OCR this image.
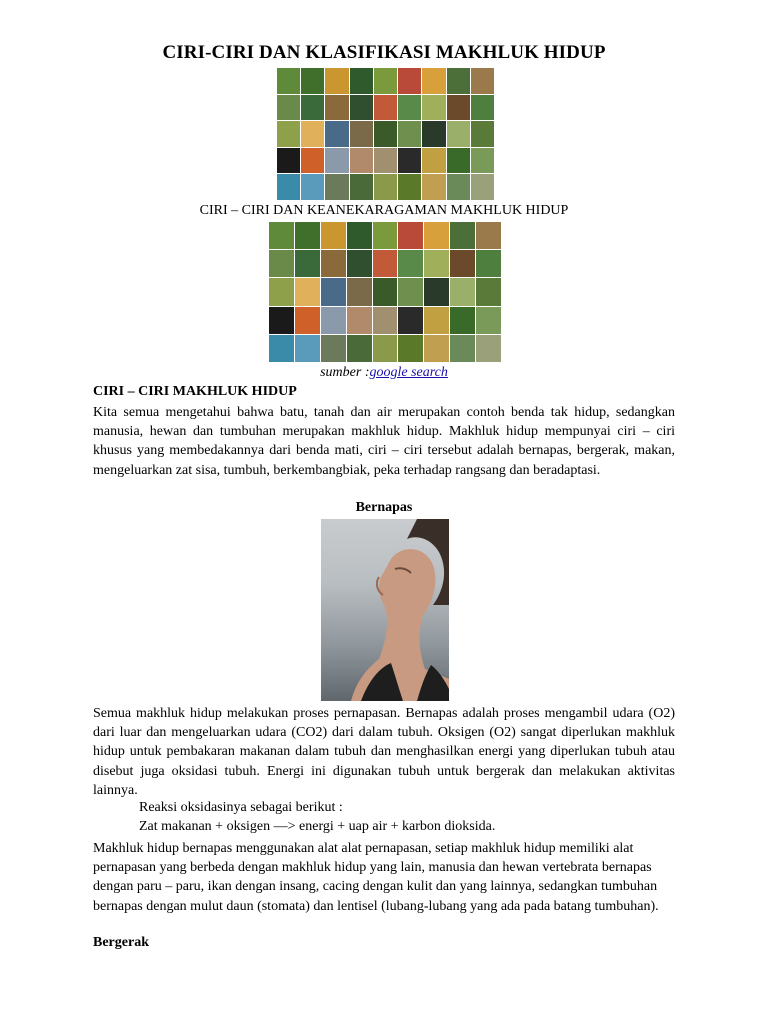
CIRI-CIRI DAN KLASIFIKASI MAKHLUK HIDUP
CIRI – CIRI DAN KEANEKARAGAMAN MAKHLUK HIDUP
sumber :google search
CIRI – CIRI MAKHLUK HIDUP
Kita semua mengetahui bahwa batu, tanah dan air merupakan contoh benda tak hidup, sedangkan manusia, hewan dan tumbuhan merupakan makhluk hidup. Makhluk hidup mempunyai ciri – ciri khusus yang membedakannya dari benda mati, ciri – ciri tersebut adalah bernapas, bergerak, makan, mengeluarkan zat sisa, tumbuh, berkembangbiak, peka terhadap rangsang dan beradaptasi.
Bernapas
Semua makhluk hidup melakukan proses pernapasan. Bernapas adalah proses mengambil udara (O2) dari luar dan mengeluarkan udara (CO2) dari dalam tubuh. Oksigen (O2) sangat diperlukan makhluk hidup untuk pembakaran makanan dalam tubuh dan menghasilkan energi yang diperlukan tubuh atau disebut juga oksidasi tubuh. Energi ini digunakan tubuh untuk bergerak dan melakukan aktivitas lainnya.
Reaksi oksidasinya sebagai berikut :
Zat makanan + oksigen —> energi + uap air + karbon dioksida.
Makhluk hidup bernapas menggunakan alat alat pernapasan, setiap makhluk hidup memiliki alat pernapasan yang berbeda dengan makhluk hidup yang lain, manusia dan hewan vertebrata bernapas dengan paru – paru, ikan dengan insang, cacing dengan kulit dan yang lainnya, sedangkan tumbuhan bernapas dengan mulut daun (stomata) dan lentisel (lubang-lubang yang ada pada batang tumbuhan).
Bergerak
